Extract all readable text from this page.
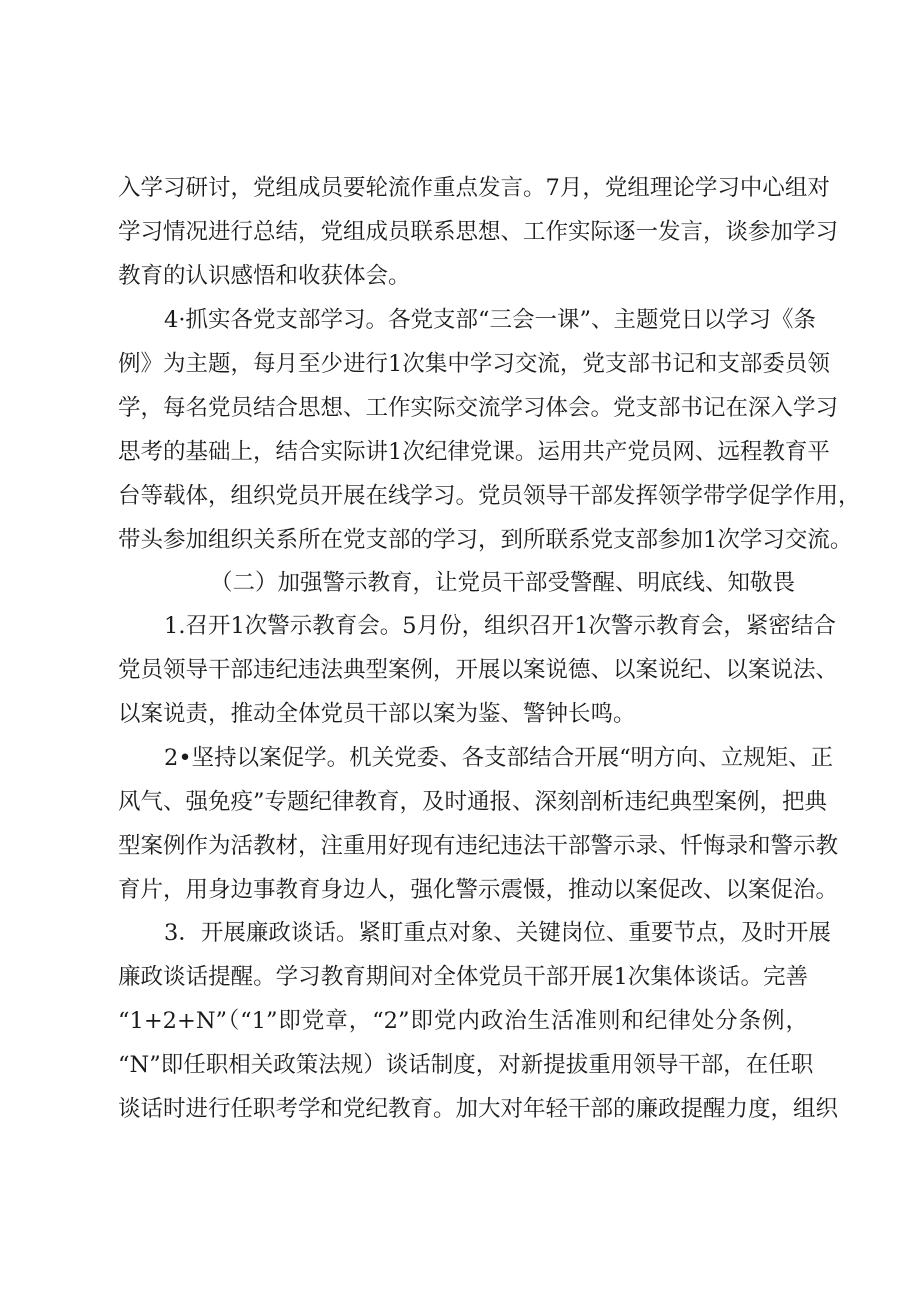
入学习研讨，党组成员要轮流作重点发言。7月，党组理论学习中心组对
学习情况进行总结，党组成员联系思想、工作实际逐一发言，谈参加学习
教育的认识感悟和收获体会。
4·抓实各党支部学习。各党支部“三会一课”、主题党日以学习《条
例》为主题，每月至少进行1次集中学习交流，党支部书记和支部委员领
学，每名党员结合思想、工作实际交流学习体会。党支部书记在深入学习
思考的基础上，结合实际讲1次纪律党课。运用共产党员网、远程教育平
台等载体，组织党员开展在线学习。党员领导干部发挥领学带学促学作用，
带头参加组织关系所在党支部的学习，到所联系党支部参加1次学习交流。
（二）加强警示教育，让党员干部受警醒、明底线、知敬畏
1.召开1次警示教育会。5月份，组织召开1次警示教育会，紧密结合
党员领导干部违纪违法典型案例，开展以案说德、以案说纪、以案说法、
以案说责，推动全体党员干部以案为鉴、警钟长鸣。
2•坚持以案促学。机关党委、各支部结合开展“明方向、立规矩、正
风气、强免疫”专题纪律教育，及时通报、深刻剖析违纪典型案例，把典
型案例作为活教材，注重用好现有违纪违法干部警示录、忏悔录和警示教
育片，用身边事教育身边人，强化警示震慑，推动以案促改、以案促治。
3．开展廉政谈话。紧盯重点对象、关键岗位、重要节点，及时开展
廉政谈话提醒。学习教育期间对全体党员干部开展1次集体谈话。完善
“1+2+N”（“1”即党章，“2”即党内政治生活准则和纪律处分条例，
“N”即任职相关政策法规）谈话制度，对新提拔重用领导干部，在任职
谈话时进行任职考学和党纪教育。加大对年轻干部的廉政提醒力度，组织
